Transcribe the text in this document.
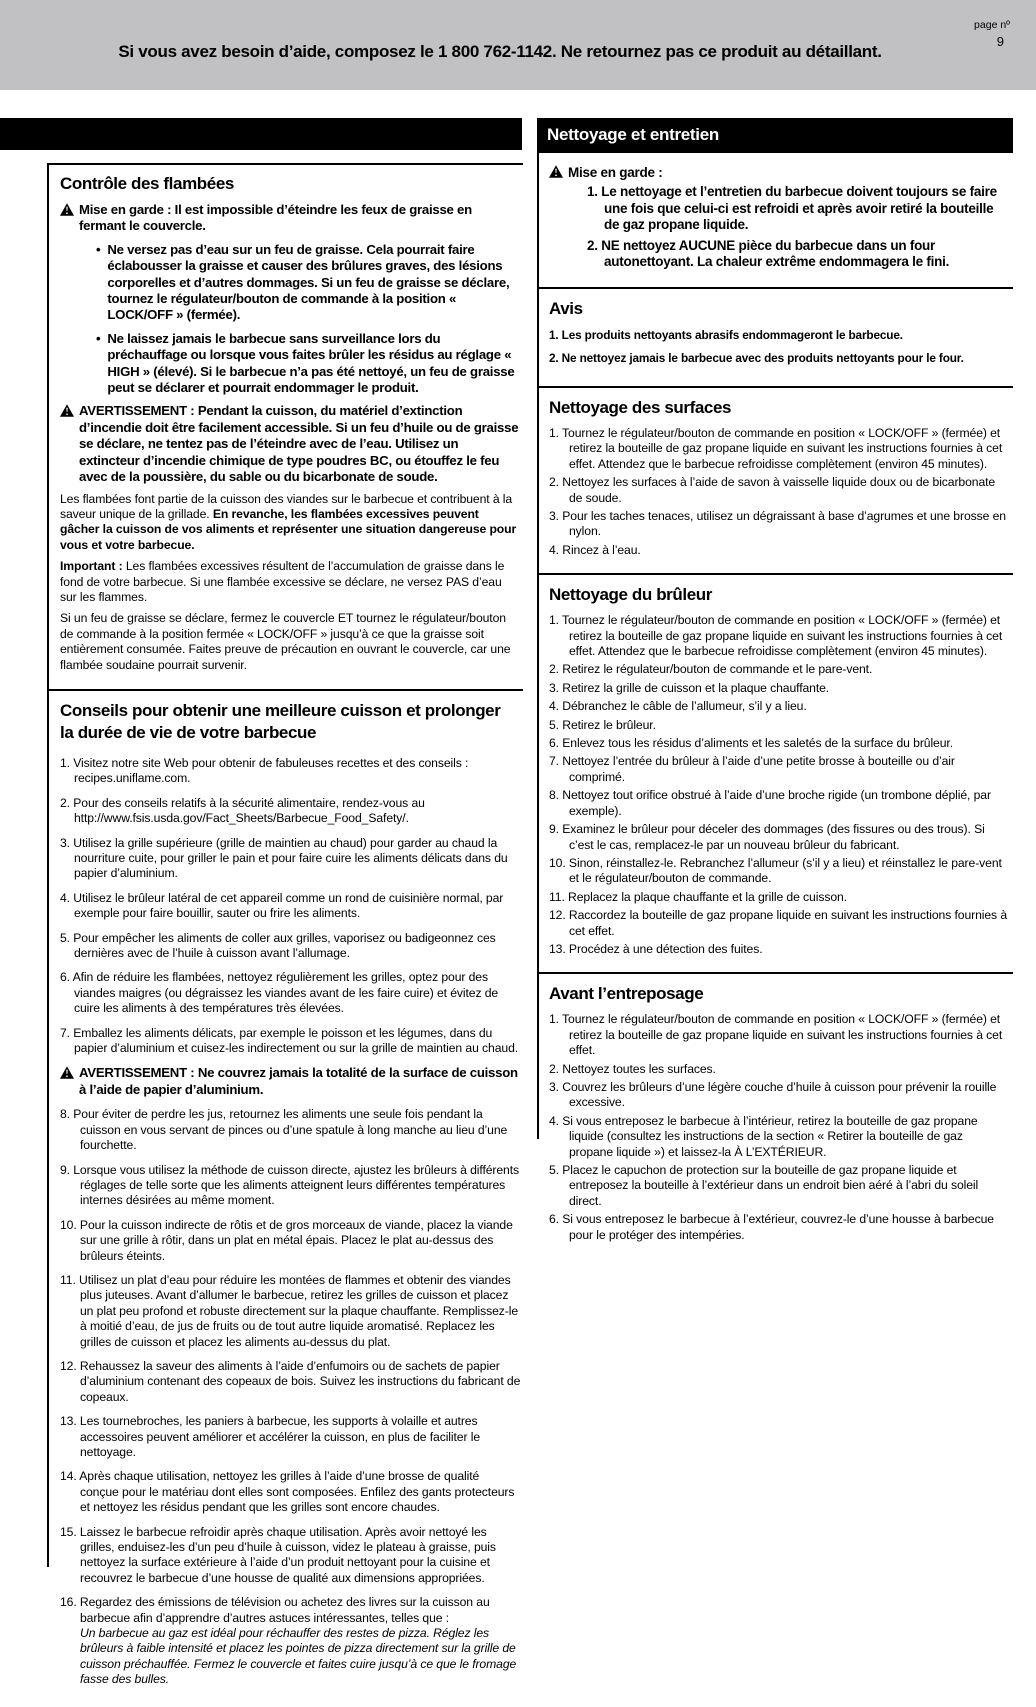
Si vous avez besoin d’aide, composez le 1 800 762-1142. Ne retournez pas ce produit au détaillant.
page nº
9
Nettoyage et entretien
Contrôle des flambées

Mise en garde : Il est impossible d’éteindre les feux de graisse en fermant le couvercle.

• Ne versez pas d’eau sur un feu de graisse. Cela pourrait faire éclabousser la graisse et causer des brûlures graves, des lésions corporelles et d’autres dommages. Si un feu de graisse se déclare, tournez le régulateur/bouton de commande à la position « LOCK/OFF » (fermée).

• Ne laissez jamais le barbecue sans surveillance lors du préchauffage ou lorsque vous faites brûler les résidus au réglage « HIGH » (élevé). Si le barbecue n’a pas été nettoyé, un feu de graisse peut se déclarer et pourrait endommager le produit.

AVERTISSEMENT : Pendant la cuisson, du matériel d’extinction d’incendie doit être facilement accessible. Si un feu d’huile ou de graisse se déclare, ne tentez pas de l’éteindre avec de l’eau. Utilisez un extincteur d’incendie chimique de type poudres BC, ou étouffez le feu avec de la poussière, du sable ou du bicarbonate de soude.

Les flambées font partie de la cuisson des viandes sur le barbecue et contribuent à la saveur unique de la grillade. En revanche, les flambées excessives peuvent gâcher la cuisson de vos aliments et représenter une situation dangereuse pour vous et votre barbecue.

Important : Les flambées excessives résultent de l’accumulation de graisse dans le fond de votre barbecue. Si une flambée excessive se déclare, ne versez PAS d’eau sur les flammes.

Si un feu de graisse se déclare, fermez le couvercle ET tournez le régulateur/bouton de commande à la position fermée « LOCK/OFF » jusqu’à ce que la graisse soit entièrement consumée. Faites preuve de précaution en ouvrant le couvercle, car une flambée soudaine pourrait survenir.

Conseils pour obtenir une meilleure cuisson et prolonger la durée de vie de votre barbecue
1. Visitez notre site Web pour obtenir de fabuleuses recettes et des conseils : recipes.uniflame.com.
2. Pour des conseils relatifs à la sécurité alimentaire, rendez-vous au http://www.fsis.usda.gov/Fact_Sheets/Barbecue_Food_Safety/.
3. Utilisez la grille supérieure (grille de maintien au chaud) pour garder au chaud la nourriture cuite, pour griller le pain et pour faire cuire les aliments délicats dans du papier d’aluminium.
4. Utilisez le brûleur latéral de cet appareil comme un rond de cuisinière normal, par exemple pour faire bouillir, sauter ou frire les aliments.
5. Pour empêcher les aliments de coller aux grilles, vaporisez ou badigeonnez ces dernières avec de l’huile à cuisson avant l’allumage.
6. Afin de réduire les flambées, nettoyez régulièrement les grilles, optez pour des viandes maigres (ou dégraissez les viandes avant de les faire cuire) et évitez de cuire les aliments à des températures très élevées.
7. Emballez les aliments délicats, par exemple le poisson et les légumes, dans du papier d’aluminium et cuisez-les indirectement ou sur la grille de maintien au chaud.

AVERTISSEMENT : Ne couvrez jamais la totalité de la surface de cuisson à l’aide de papier d’aluminium.

8. Pour éviter de perdre les jus, retournez les aliments une seule fois pendant la cuisson en vous servant de pinces ou d’une spatule à long manche au lieu d’une fourchette.
9. Lorsque vous utilisez la méthode de cuisson directe, ajustez les brûleurs à différents réglages de telle sorte que les aliments atteignent leurs différentes températures internes désirées au même moment.
10. Pour la cuisson indirecte de rôtis et de gros morceaux de viande, placez la viande sur une grille à rôtir, dans un plat en métal épais. Placez le plat au-dessus des brûleurs éteints.
11. Utilisez un plat d’eau pour réduire les montées de flammes et obtenir des viandes plus juteuses. Avant d’allumer le barbecue, retirez les grilles de cuisson et placez un plat peu profond et robuste directement sur la plaque chauffante. Remplissez-le à moitié d’eau, de jus de fruits ou de tout autre liquide aromatisé. Replacez les grilles de cuisson et placez les aliments au-dessus du plat.
12. Rehaussez la saveur des aliments à l’aide d’enfumoirs ou de sachets de papier d’aluminium contenant des copeaux de bois. Suivez les instructions du fabricant de copeaux.
13. Les tournebroches, les paniers à barbecue, les supports à volaille et autres accessoires peuvent améliorer et accélérer la cuisson, en plus de faciliter le nettoyage.
14. Après chaque utilisation, nettoyez les grilles à l’aide d’une brosse de qualité conçue pour le matériau dont elles sont composées. Enfilez des gants protecteurs et nettoyez les résidus pendant que les grilles sont encore chaudes.
15. Laissez le barbecue refroidir après chaque utilisation. Après avoir nettoyé les grilles, enduisez-les d’un peu d’huile à cuisson, videz le plateau à graisse, puis nettoyez la surface extérieure à l’aide d’un produit nettoyant pour la cuisine et recouvrez le barbecue d’une housse de qualité aux dimensions appropriées.
16. Regardez des émissions de télévision ou achetez des livres sur la cuisson au barbecue afin d’apprendre d’autres astuces intéressantes, telles que :
Un barbecue au gaz est idéal pour réchauffer des restes de pizza. Réglez les brûleurs à faible intensité et placez les pointes de pizza directement sur la grille de cuisson préchauffée. Fermez le couvercle et faites cuire jusqu’à ce que le fromage fasse des bulles.
Mise en garde :
1. Le nettoyage et l’entretien du barbecue doivent toujours se faire une fois que celui-ci est refroidi et après avoir retiré la bouteille de gaz propane liquide.
2. NE nettoyez AUCUNE pièce du barbecue dans un four autonettoyant. La chaleur extrême endommagera le fini.
Avis
1. Les produits nettoyants abrasifs endommageront le barbecue.
2. Ne nettoyez jamais le barbecue avec des produits nettoyants pour le four.
Nettoyage des surfaces
1. Tournez le régulateur/bouton de commande en position « LOCK/OFF » (fermée) et retirez la bouteille de gaz propane liquide en suivant les instructions fournies à cet effet. Attendez que le barbecue refroidisse complètement (environ 45 minutes).
2. Nettoyez les surfaces à l’aide de savon à vaisselle liquide doux ou de bicarbonate de soude.
3. Pour les taches tenaces, utilisez un dégraissant à base d’agrumes et une brosse en nylon.
4. Rincez à l’eau.
Nettoyage du brûleur
1. Tournez le régulateur/bouton de commande en position « LOCK/OFF » (fermée) et retirez la bouteille de gaz propane liquide en suivant les instructions fournies à cet effet. Attendez que le barbecue refroidisse complètement (environ 45 minutes).
2. Retirez le régulateur/bouton de commande et le pare-vent.
3. Retirez la grille de cuisson et la plaque chauffante.
4. Débranchez le câble de l’allumeur, s’il y a lieu.
5. Retirez le brûleur.
6. Enlevez tous les résidus d’aliments et les saletés de la surface du brûleur.
7. Nettoyez l’entrée du brûleur à l’aide d’une petite brosse à bouteille ou d’air comprimé.
8. Nettoyez tout orifice obstrué à l’aide d’une broche rigide (un trombone déplié, par exemple).
9. Examinez le brûleur pour déceler des dommages (des fissures ou des trous). Si c’est le cas, remplacez-le par un nouveau brûleur du fabricant.
10. Sinon, réinstallez-le. Rebranchez l’allumeur (s’il y a lieu) et réinstallez le pare-vent et le régulateur/bouton de commande.
11. Replacez la plaque chauffante et la grille de cuisson.
12. Raccordez la bouteille de gaz propane liquide en suivant les instructions fournies à cet effet.
13. Procédez à une détection des fuites.
Avant l’entreposage
1. Tournez le régulateur/bouton de commande en position « LOCK/OFF » (fermée) et retirez la bouteille de gaz propane liquide en suivant les instructions fournies à cet effet.
2. Nettoyez toutes les surfaces.
3. Couvrez les brûleurs d’une légère couche d’huile à cuisson pour prévenir la rouille excessive.
4. Si vous entreposez le barbecue à l’intérieur, retirez la bouteille de gaz propane liquide (consultez les instructions de la section « Retirer la bouteille de gaz propane liquide ») et laissez-la À L’EXTÉRIEUR.
5. Placez le capuchon de protection sur la bouteille de gaz propane liquide et entreposez la bouteille à l’extérieur dans un endroit bien aéré à l’abri du soleil direct.
6. Si vous entreposez le barbecue à l’extérieur, couvrez-le d’une housse à barbecue pour le protéger des intempéries.
